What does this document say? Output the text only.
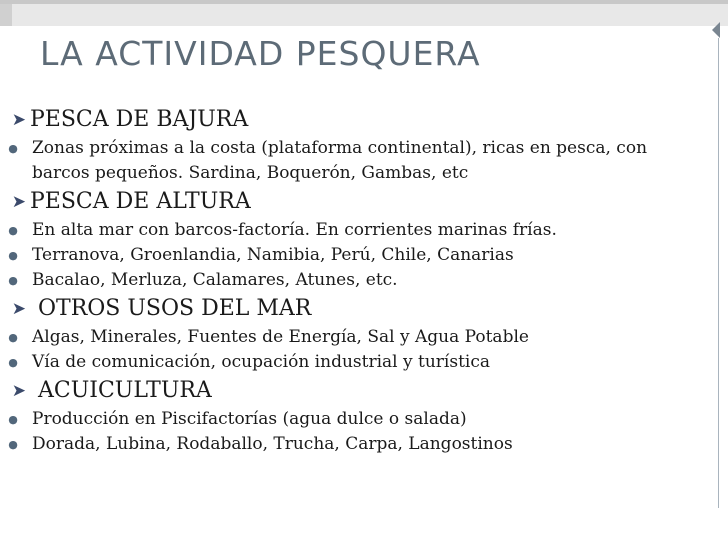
LA ACTIVIDAD PESQUERA
➤ PESCA DE BAJURA
● Zonas próximas a la costa (plataforma continental), ricas en pesca, con barcos pequeños. Sardina, Boquerón, Gambas, etc
➤ PESCA DE ALTURA
● En alta mar con barcos-factoría. En corrientes marinas frías.
● Terranova, Groenlandia, Namibia, Perú, Chile, Canarias
● Bacalao, Merluza, Calamares, Atunes, etc.
➤ OTROS USOS DEL MAR
● Algas, Minerales, Fuentes de Energía, Sal y Agua Potable
● Vía de comunicación, ocupación industrial y turística
➤ ACUICULTURA
● Producción en Piscifactorías (agua dulce o salada)
● Dorada, Lubina, Rodaballo, Trucha, Carpa, Langostinos
